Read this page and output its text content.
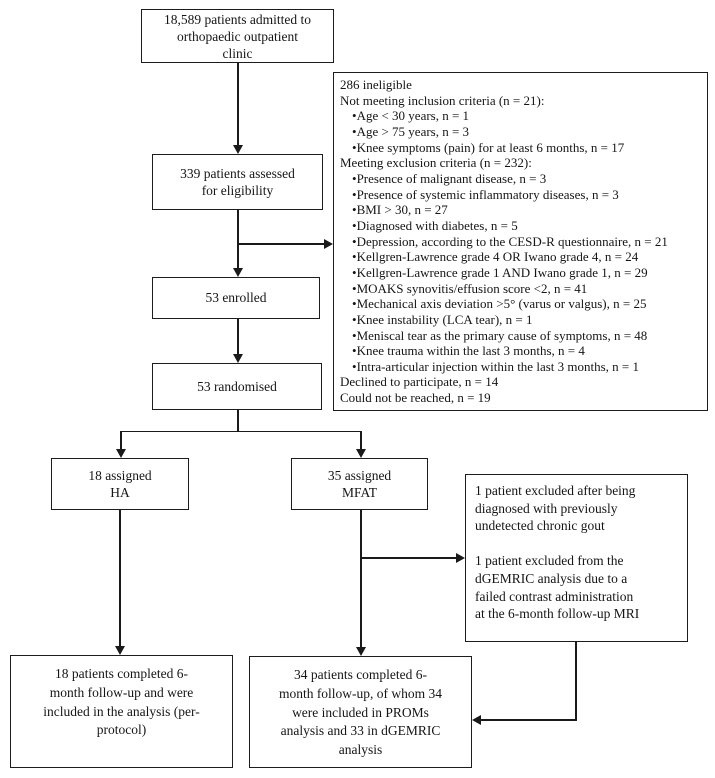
18,589 patients admitted to
orthopaedic outpatient
clinic
286 ineligible
Not meeting inclusion criteria (n = 21):
• Age < 30 years, n = 1
• Age > 75 years, n = 3
• Knee symptoms (pain) for at least 6 months, n = 17
Meeting exclusion criteria (n = 232):
• Presence of malignant disease, n = 3
• Presence of systemic inflammatory diseases, n = 3
• BMI > 30, n = 27
• Diagnosed with diabetes, n = 5
• Depression, according to the CESD-R questionnaire, n = 21
• Kellgren-Lawrence grade 4 OR Iwano grade 4, n = 24
• Kellgren-Lawrence grade 1 AND Iwano grade 1, n = 29
• MOAKS synovitis/effusion score <2, n = 41
• Mechanical axis deviation >5° (varus or valgus), n = 25
• Knee instability (LCA tear), n = 1
• Meniscal tear as the primary cause of symptoms, n = 48
• Knee trauma within the last 3 months, n = 4
• Intra-articular injection within the last 3 months, n = 1
Declined to participate, n = 14
Could not be reached, n = 19
339 patients assessed
for eligibility
53 enrolled
53 randomised
18 assigned
HA
35 assigned
MFAT	1 patient excluded after being
diagnosed with previously
undetected chronic gout

1 patient excluded from the
dGEMRIC analysis due to a
failed contrast administration
at the 6-month follow-up MRI
18 patients completed 6-
month follow-up and were
included in the analysis (per-
protocol)
34 patients completed 6-
month follow-up, of whom 34
were included in PROMs
analysis and 33 in dGEMRIC
analysis
